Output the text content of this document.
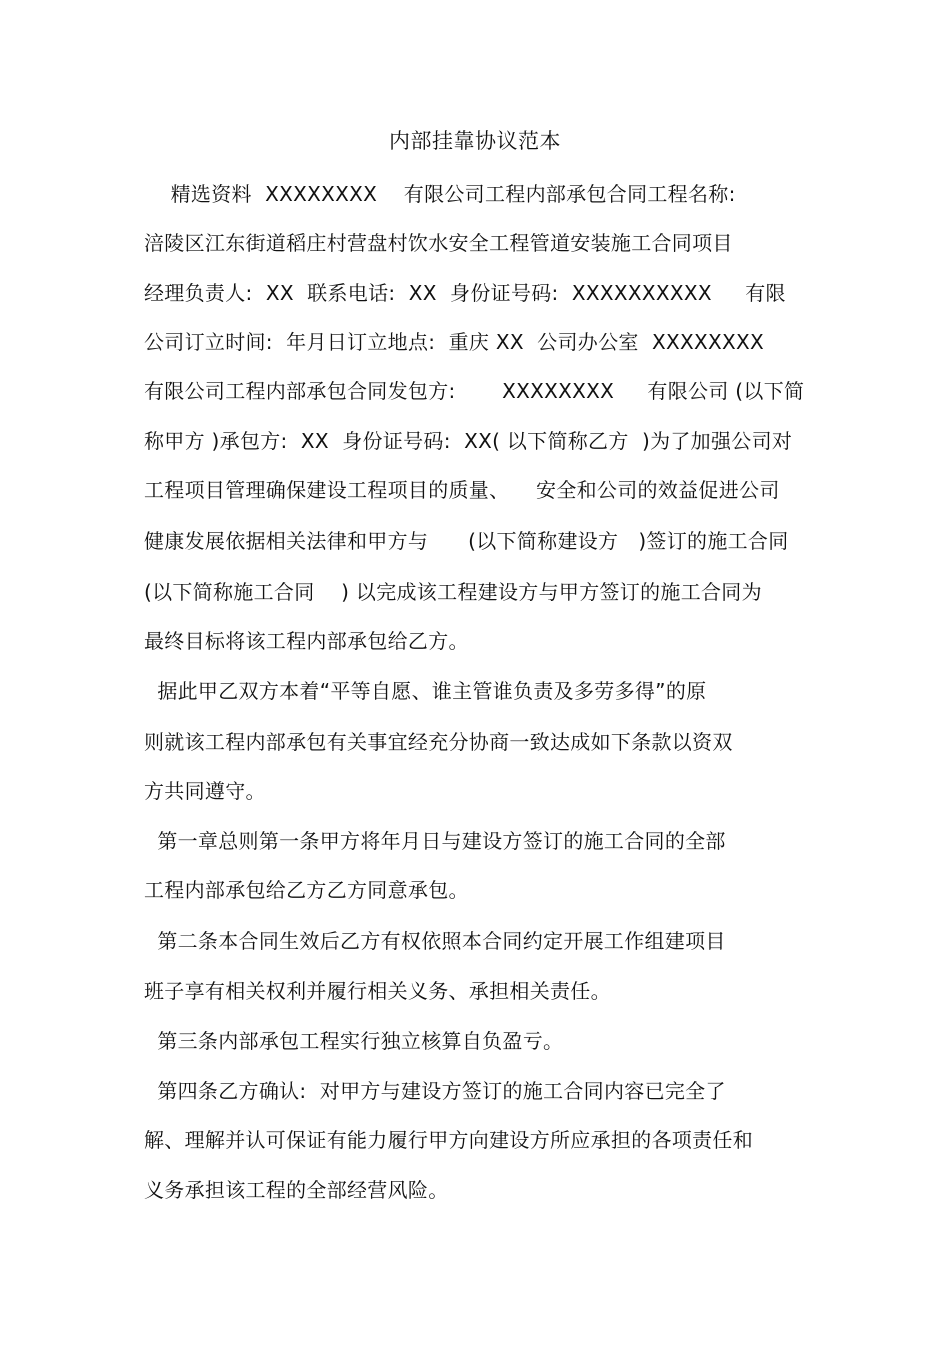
内部挂靠协议范本
精选资料  XXXXXXXX    有限公司工程内部承包合同工程名称:
涪陵区江东街道稻庄村营盘村饮水安全工程管道安装施工合同项目
经理负责人:  XX  联系电话:  XX  身份证号码:  XXXXXXXXXX     有限
公司订立时间:  年月日订立地点:  重庆 XX  公司办公室  XXXXXXXX
有限公司工程内部承包合同发包方:       XXXXXXXX     有限公司 (以下简
称甲方 )承包方:  XX  身份证号码:  XX( 以下简称乙方  )为了加强公司对
工程项目管理确保建设工程项目的质量、    安全和公司的效益促进公司
健康发展依据相关法律和甲方与      (以下简称建设方   )签订的施工合同
(以下简称施工合同    ) 以完成该工程建设方与甲方签订的施工合同为
最终目标将该工程内部承包给乙方。
据此甲乙双方本着“平等自愿、谁主管谁负责及多劳多得”的原
则就该工程内部承包有关事宜经充分协商一致达成如下条款以资双
方共同遵守。
第一章总则第一条甲方将年月日与建设方签订的施工合同的全部
工程内部承包给乙方乙方同意承包。
第二条本合同生效后乙方有权依照本合同约定开展工作组建项目
班子享有相关权利并履行相关义务、承担相关责任。
第三条内部承包工程实行独立核算自负盈亏。
第四条乙方确认:  对甲方与建设方签订的施工合同内容已完全了
解、理解并认可保证有能力履行甲方向建设方所应承担的各项责任和
义务承担该工程的全部经营风险。
